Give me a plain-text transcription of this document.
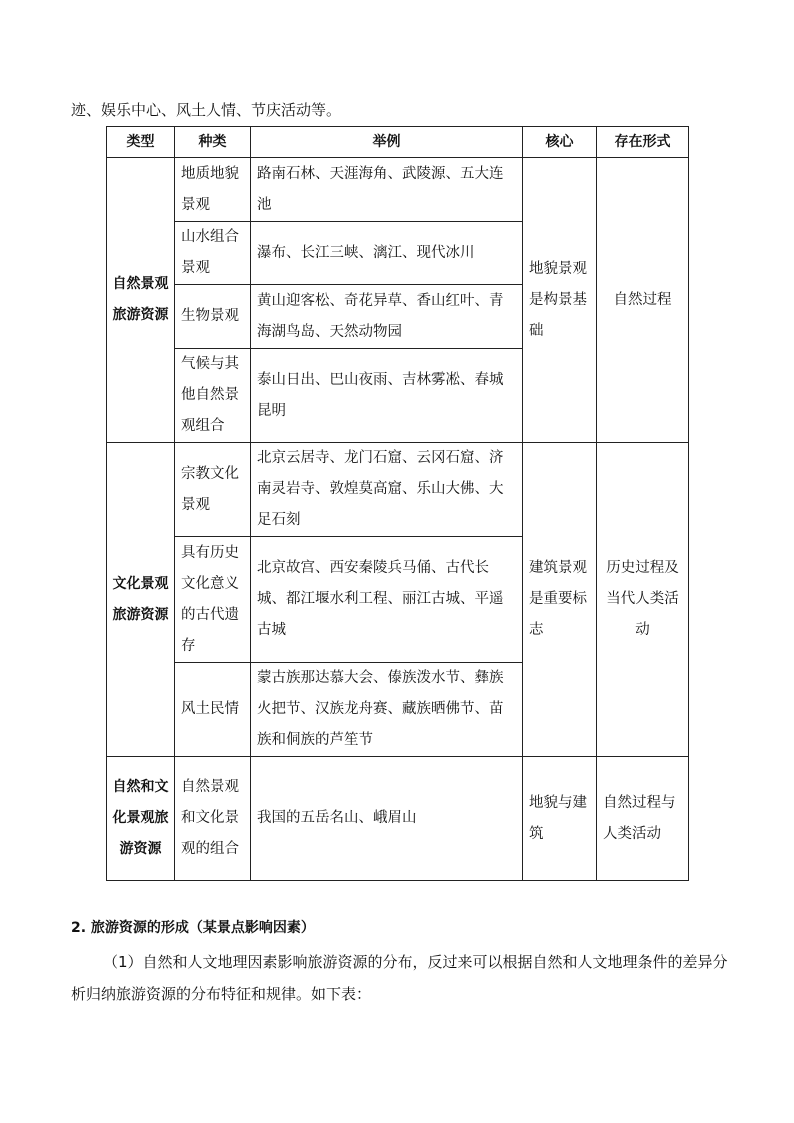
迹、娱乐中心、风土人情、节庆活动等。
类型	种类	举例	核心	存在形式
自然景观旅游资源	地质地貌景观	路南石林、天涯海角、武陵源、五大连池	地貌景观是构景基础	自然过程
	山水组合景观	瀑布、长江三峡、漓江、现代冰川		
	生物景观	黄山迎客松、奇花异草、香山红叶、青海湖鸟岛、天然动物园		
	气候与其他自然景观组合	泰山日出、巴山夜雨、吉林雾凇、春城昆明		
文化景观旅游资源	宗教文化景观	北京云居寺、龙门石窟、云冈石窟、济南灵岩寺、敦煌莫高窟、乐山大佛、大足石刻	建筑景观是重要标志	历史过程及当代人类活动
	具有历史文化意义的古代遗存	北京故宫、西安秦陵兵马俑、古代长城、都江堰水利工程、丽江古城、平遥古城		
	风土民情	蒙古族那达慕大会、傣族泼水节、彝族火把节、汉族龙舟赛、藏族晒佛节、苗族和侗族的芦笙节		
自然和文化景观旅游资源	自然景观和文化景观的组合	我国的五岳名山、峨眉山	地貌与建筑	自然过程与人类活动
2. 旅游资源的形成（某景点影响因素）
（1）自然和人文地理因素影响旅游资源的分布，反过来可以根据自然和人文地理条件的差异分析归纳旅游资源的分布特征和规律。如下表：
